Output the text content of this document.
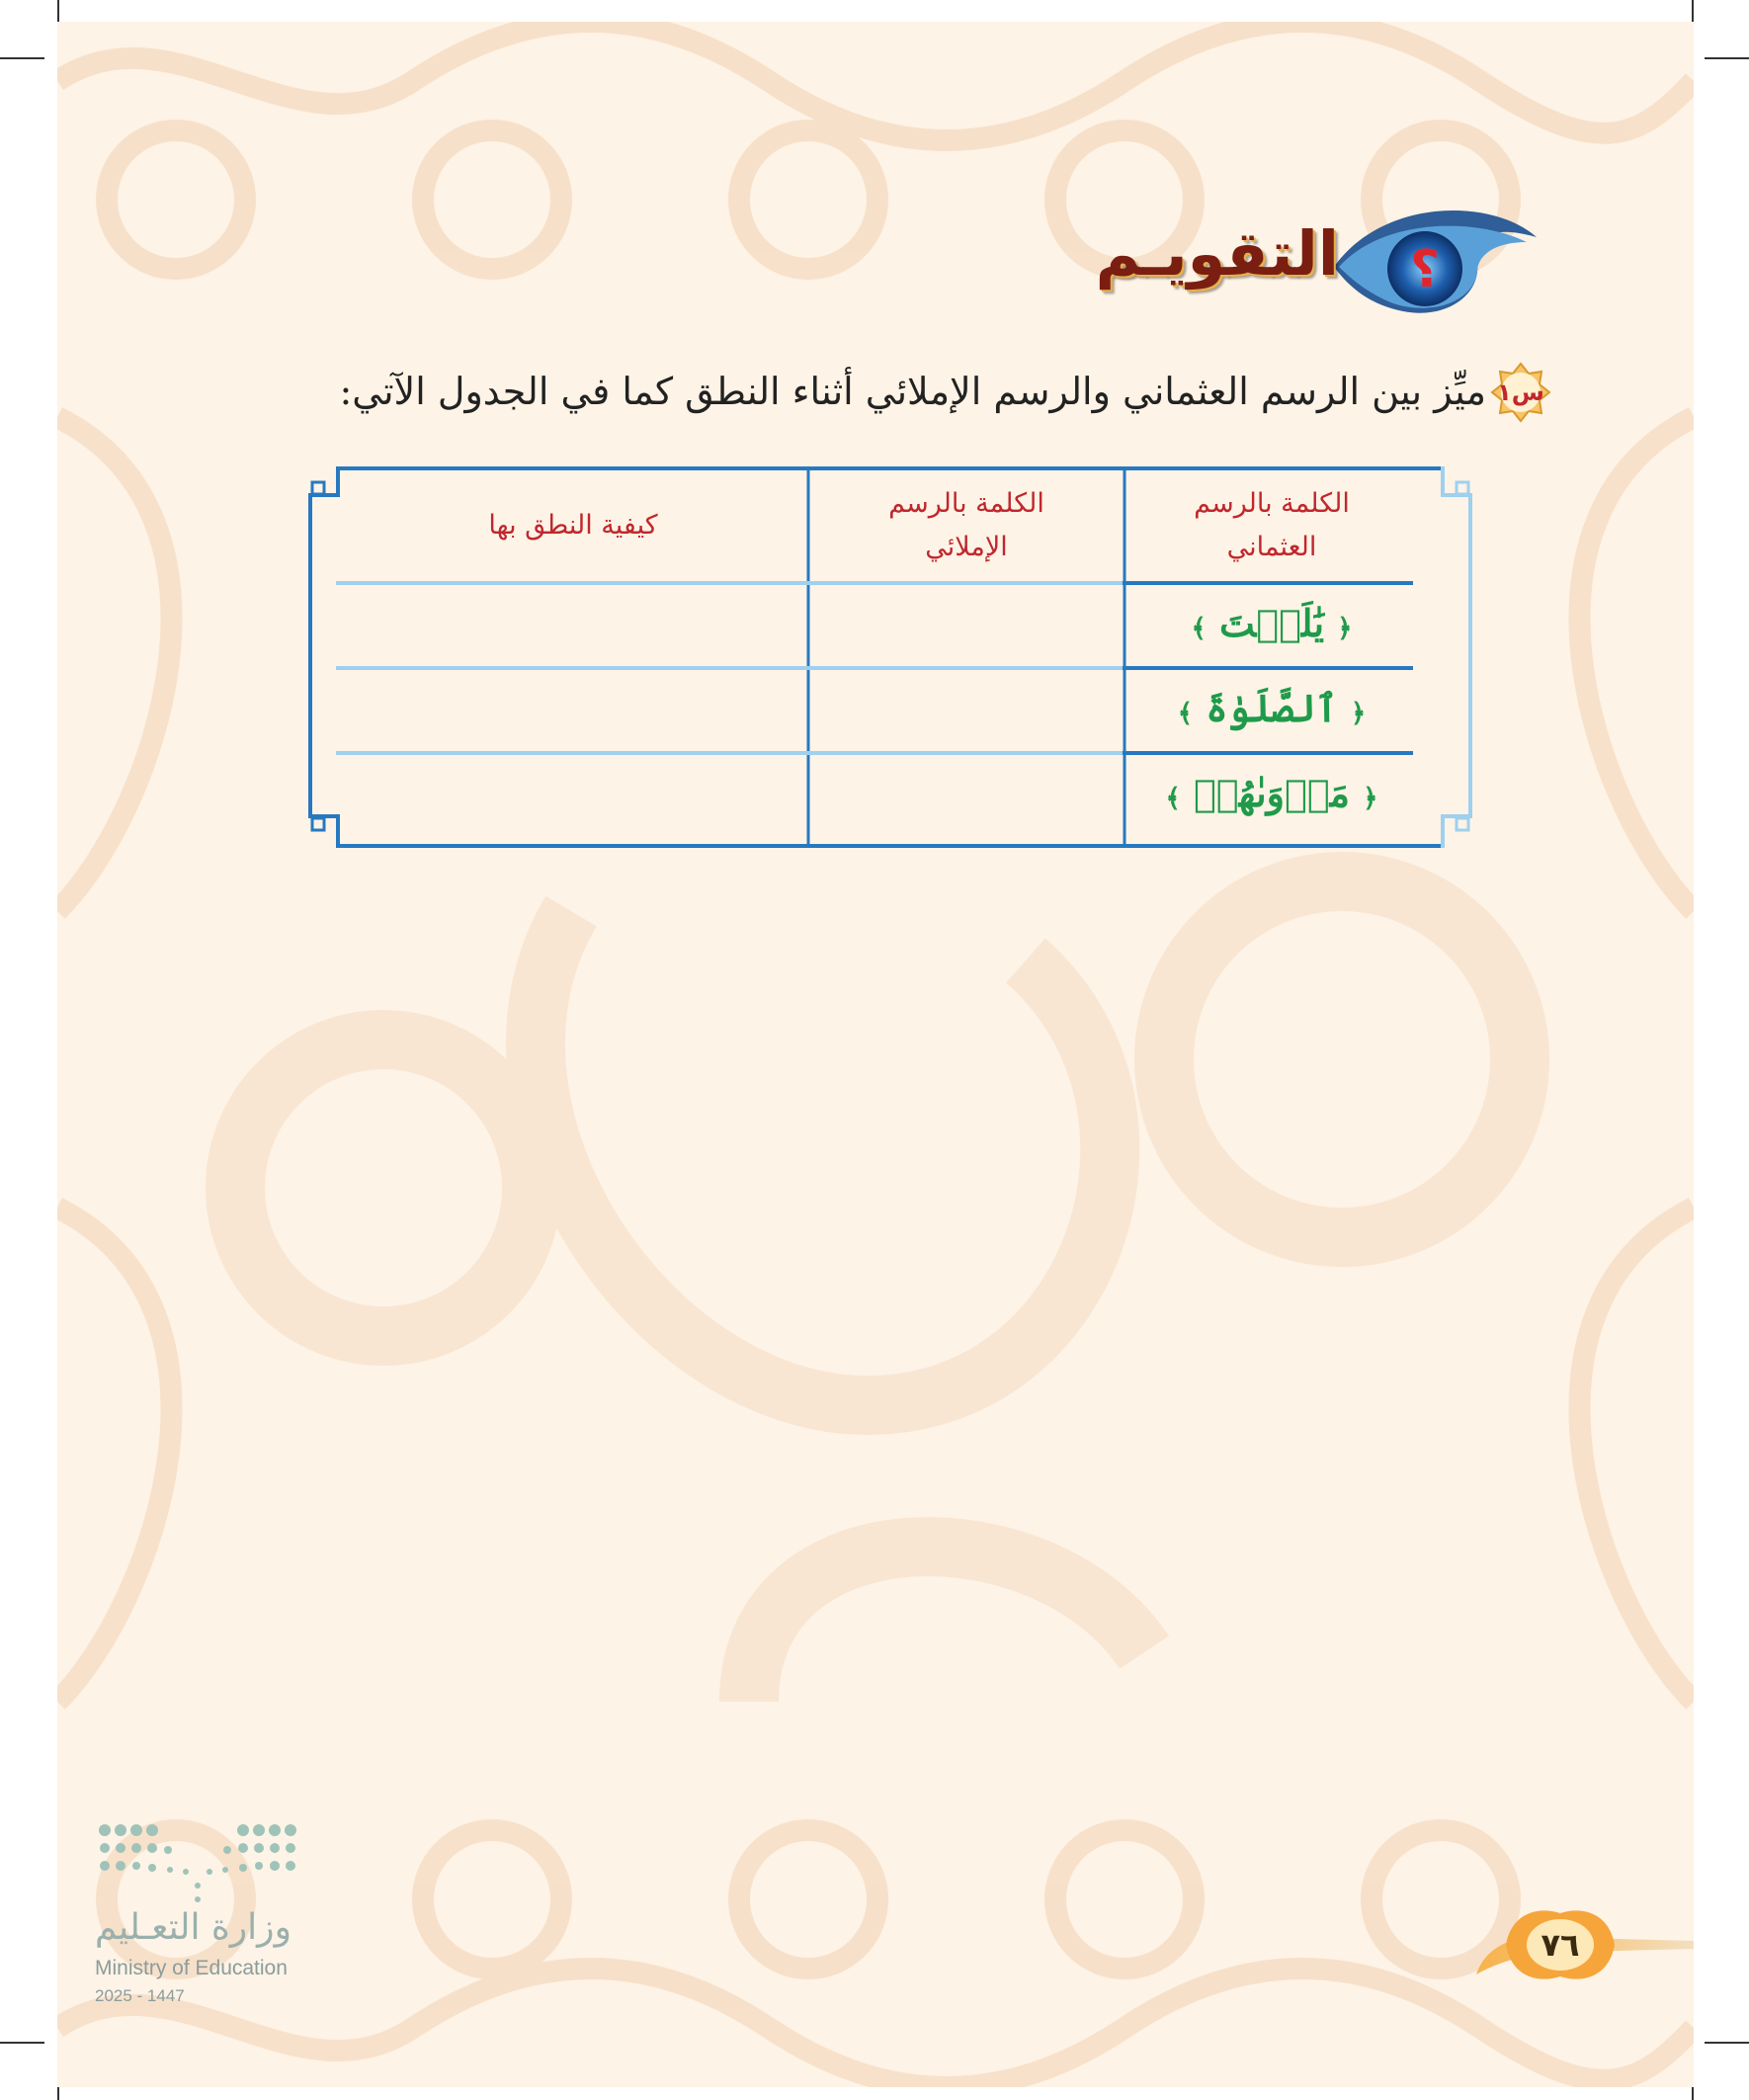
؟
التقويـم
س١
ميِّز بين الرسم العثماني والرسم الإملائي أثناء النطق كما في الجدول الآتي:
الكلمة بالرسم
العثماني
الكلمة بالرسم
الإملائي
كيفية النطق بها
﴿ يَٰلَيۡتَ ﴾
﴿ ٱلصَّلَوٰةَ ﴾
﴿ مَأۡوَىٰهُمۡ ﴾
وزارة التعـليم
Ministry of Education
2025 - 1447
٧٦
